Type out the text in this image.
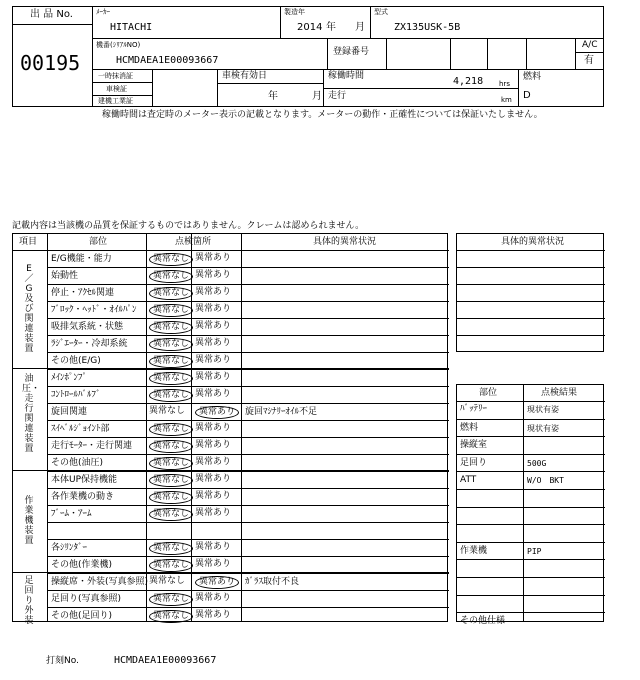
出 品 No.
00195
ﾒｰｶｰ
HITACHI
製造年
2014 年 月
型式
ZX135USK-5B
機番(ｼﾘｱﾙNO)
HCMDAEA1E00093667
登録番号
A/C
有
一時抹消証
車検証
建機工業証
車検有効日
年	月
稼働時間	4,218 hrs
走行	km
燃料
D
稼働時間は査定時のメーター表示の記載となります。メーターの動作・正確性については保証いたしません。
記載内容は当該機の品質を保証するものではありません。クレームは認められません。
項目	部位	点検箇所	具体的異常状況
E／G及び関連装置
油圧・走行関連装置
作業機装置
足回り外装
E/G機能・能力	異常なし 異常あり
始動性	異常なし 異常あり
停止・ｱｸｾﾙ関連	異常なし 異常あり
ﾌﾞﾛｯｸ・ﾍｯﾄﾞ・ｵｲﾙﾊﾟﾝ	異常なし 異常あり
吸排気系統・状態	異常なし 異常あり
ﾗｼﾞｴｰﾀｰ・冷却系統	異常なし 異常あり
その他(E/G)	異常なし 異常あり
ﾒｲﾝﾎﾟﾝﾌﾟ	異常なし 異常あり
ｺﾝﾄﾛｰﾙﾊﾞﾙﾌﾞ	異常なし 異常あり
旋回関連	異常なし	異常あり	旋回ﾏｼﾅﾘｰｵｲﾙ不足
ｽｲﾍﾞﾙｼﾞｮｲﾝﾄ部	異常なし 異常あり
走行ﾓｰﾀｰ・走行関連	異常なし 異常あり
その他(油圧)	異常なし 異常あり
本体UP保持機能	異常なし 異常あり
各作業機の動き	異常なし 異常あり
ﾌﾞｰﾑ・ｱｰﾑ	異常なし 異常あり
各ｼﾘﾝﾀﾞｰ	異常なし 異常あり
その他(作業機)	異常なし 異常あり
操縦席・外装(写真参照) 異常なし	異常あり	ｶﾞﾗｽ取付不良
足回り(写真参照)	異常なし 異常あり
その他(足回り)	異常なし 異常あり
具体的異常状況
部位	点検結果
ﾊﾞｯﾃﾘｰ	現状有姿
燃料	現状有姿
操縦室
足回り	500G
ATT	W/O　BKT
作業機	PIP
その他仕様
打刻No.	HCMDAEA1E00093667
